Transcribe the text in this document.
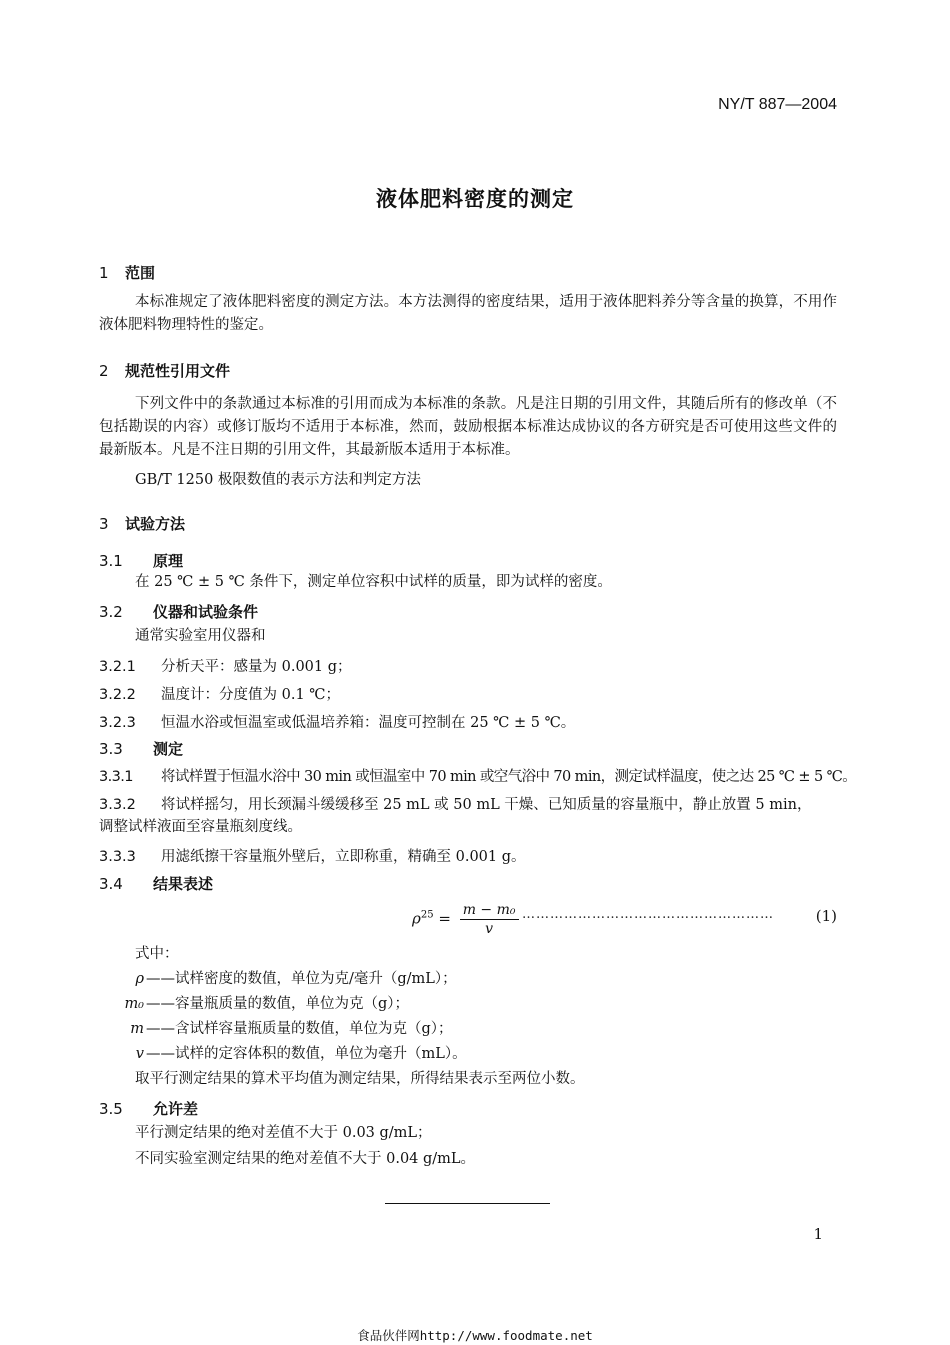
NY/T 887—2004
液体肥料密度的测定
1 范围
本标准规定了液体肥料密度的测定方法。本方法测得的密度结果，适用于液体肥料养分等含量的换算，不用作液体肥料物理特性的鉴定。
2 规范性引用文件
下列文件中的条款通过本标准的引用而成为本标准的条款。凡是注日期的引用文件，其随后所有的修改单（不包括勘误的内容）或修订版均不适用于本标准，然而，鼓励根据本标准达成协议的各方研究是否可使用这些文件的最新版本。凡是不注日期的引用文件，其最新版本适用于本标准。
GB/T 1250 极限数值的表示方法和判定方法
3 试验方法
3.1 原理
在 25 ℃ ± 5 ℃ 条件下，测定单位容积中试样的质量，即为试样的密度。
3.2 仪器和试验条件
通常实验室用仪器和
3.2.1 分析天平：感量为 0.001 g；
3.2.2 温度计：分度值为 0.1 ℃；
3.2.3 恒温水浴或恒温室或低温培养箱：温度可控制在 25 ℃ ± 5 ℃。
3.3 测定
3.3.1 将试样置于恒温水浴中 30 min 或恒温室中 70 min 或空气浴中 70 min，测定试样温度，使之达 25 ℃ ± 5 ℃。
3.3.2 将试样摇匀，用长颈漏斗缓缓移至 25 mL 或 50 mL 干燥、已知质量的容量瓶中，静止放置 5 min，
调整试样液面至容量瓶刻度线。
3.3.3 用滤纸擦干容量瓶外壁后，立即称重，精确至 0.001 g。
3.4 结果表述
$\rho^{25} = \frac{\text{m − m₀}}{v}$ ………………………………………………	(1)
式中：
ρ ——试样密度的数值，单位为克/毫升（g/mL）；
m₀ ——容量瓶质量的数值，单位为克（g）；
m ——含试样容量瓶质量的数值，单位为克（g）；
v ——试样的定容体积的数值，单位为毫升（mL）。
取平行测定结果的算术平均值为测定结果，所得结果表示至两位小数。
3.5 允许差
平行测定结果的绝对差值不大于 0.03 g/mL；
不同实验室测定结果的绝对差值不大于 0.04 g/mL。
1
食品伙伴网http://www.foodmate.net
